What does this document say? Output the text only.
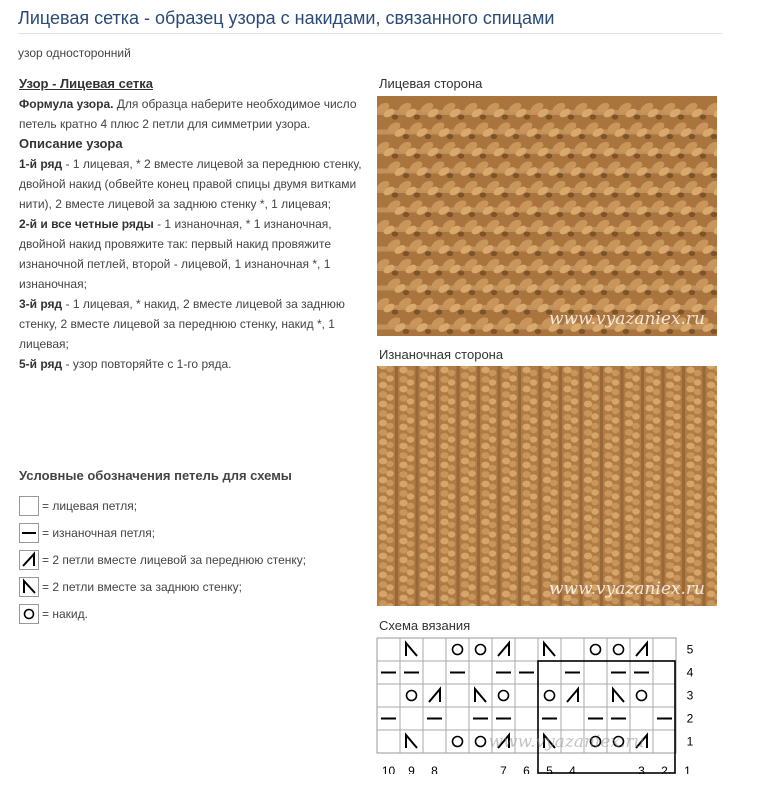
Лицевая сетка - образец узора с накидами, связанного спицами
узор односторонний

Узор - Лицевая сетка

Формула узора. Для образца наберите необходимое число петель кратно 4 плюс 2 петли для симметрии узора.

Описание узора

1-й ряд - 1 лицевая, * 2 вместе лицевой за переднюю стенку, двойной накид (обвейте конец правой спицы двумя витками нити), 2 вместе лицевой за заднюю стенку *, 1 лицевая;

2-й и все четные ряды - 1 изнаночная, * 1 изнаночная, двойной накид провяжите так: первый накид провяжите изнаночной петлей, второй - лицевой, 1 изнаночная *, 1 изнаночная;

3-й ряд - 1 лицевая, * накид, 2 вместе лицевой за заднюю стенку, 2 вместе лицевой за переднюю стенку, накид *, 1 лицевая;

5-й ряд - узор повторяйте с 1-го ряда.

Условные обозначения петель для схемы
= лицевая петля;
= изнаночная петля;
= 2 петли вместе лицевой за переднюю стенку;
= 2 петли вместе за заднюю стенку;
= накид.
Лицевая сторона
www.vyazaniex.ru
Изнаночная сторона
www.vyazaniex.ru
Схема вязания
5
4
3
2
1
10 9 8	7 6 5 4	3 2 1
www.vyazaniex.ru
